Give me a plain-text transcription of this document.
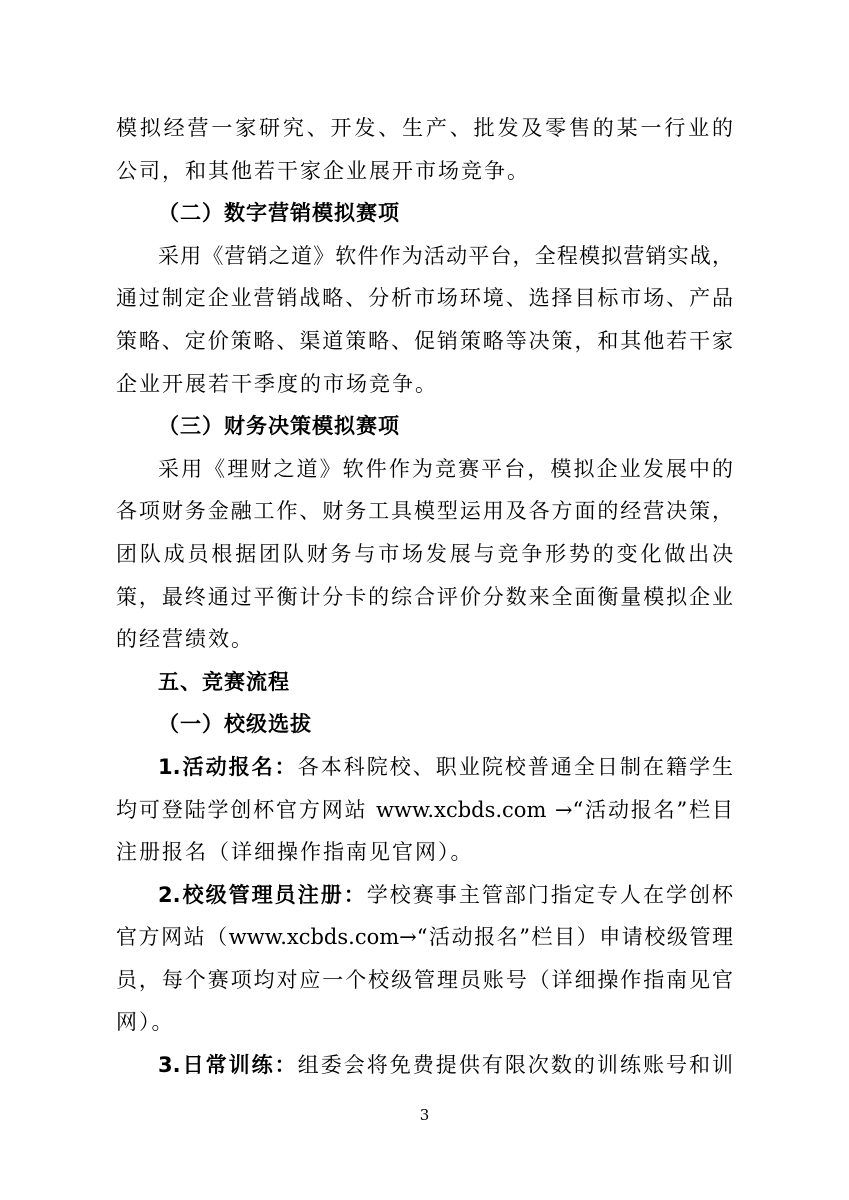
模拟经营一家研究、开发、生产、批发及零售的某一行业的
公司，和其他若干家企业展开市场竞争。
（二）数字营销模拟赛项
采用《营销之道》软件作为活动平台，全程模拟营销实战，
通过制定企业营销战略、分析市场环境、选择目标市场、产品
策略、定价策略、渠道策略、促销策略等决策，和其他若干家
企业开展若干季度的市场竞争。
（三）财务决策模拟赛项
采用《理财之道》软件作为竞赛平台，模拟企业发展中的
各项财务金融工作、财务工具模型运用及各方面的经营决策，
团队成员根据团队财务与市场发展与竞争形势的变化做出决
策，最终通过平衡计分卡的综合评价分数来全面衡量模拟企业
的经营绩效。
五、竞赛流程
（一）校级选拔
1.活动报名：各本科院校、职业院校普通全日制在籍学生
均可登陆学创杯官方网站 www.xcbds.com →“活动报名”栏目
注册报名（详细操作指南见官网）。
2.校级管理员注册：学校赛事主管部门指定专人在学创杯
官方网站（www.xcbds.com→“活动报名”栏目）申请校级管理
员，每个赛项均对应一个校级管理员账号（详细操作指南见官
网）。
3.日常训练：组委会将免费提供有限次数的训练账号和训
3
